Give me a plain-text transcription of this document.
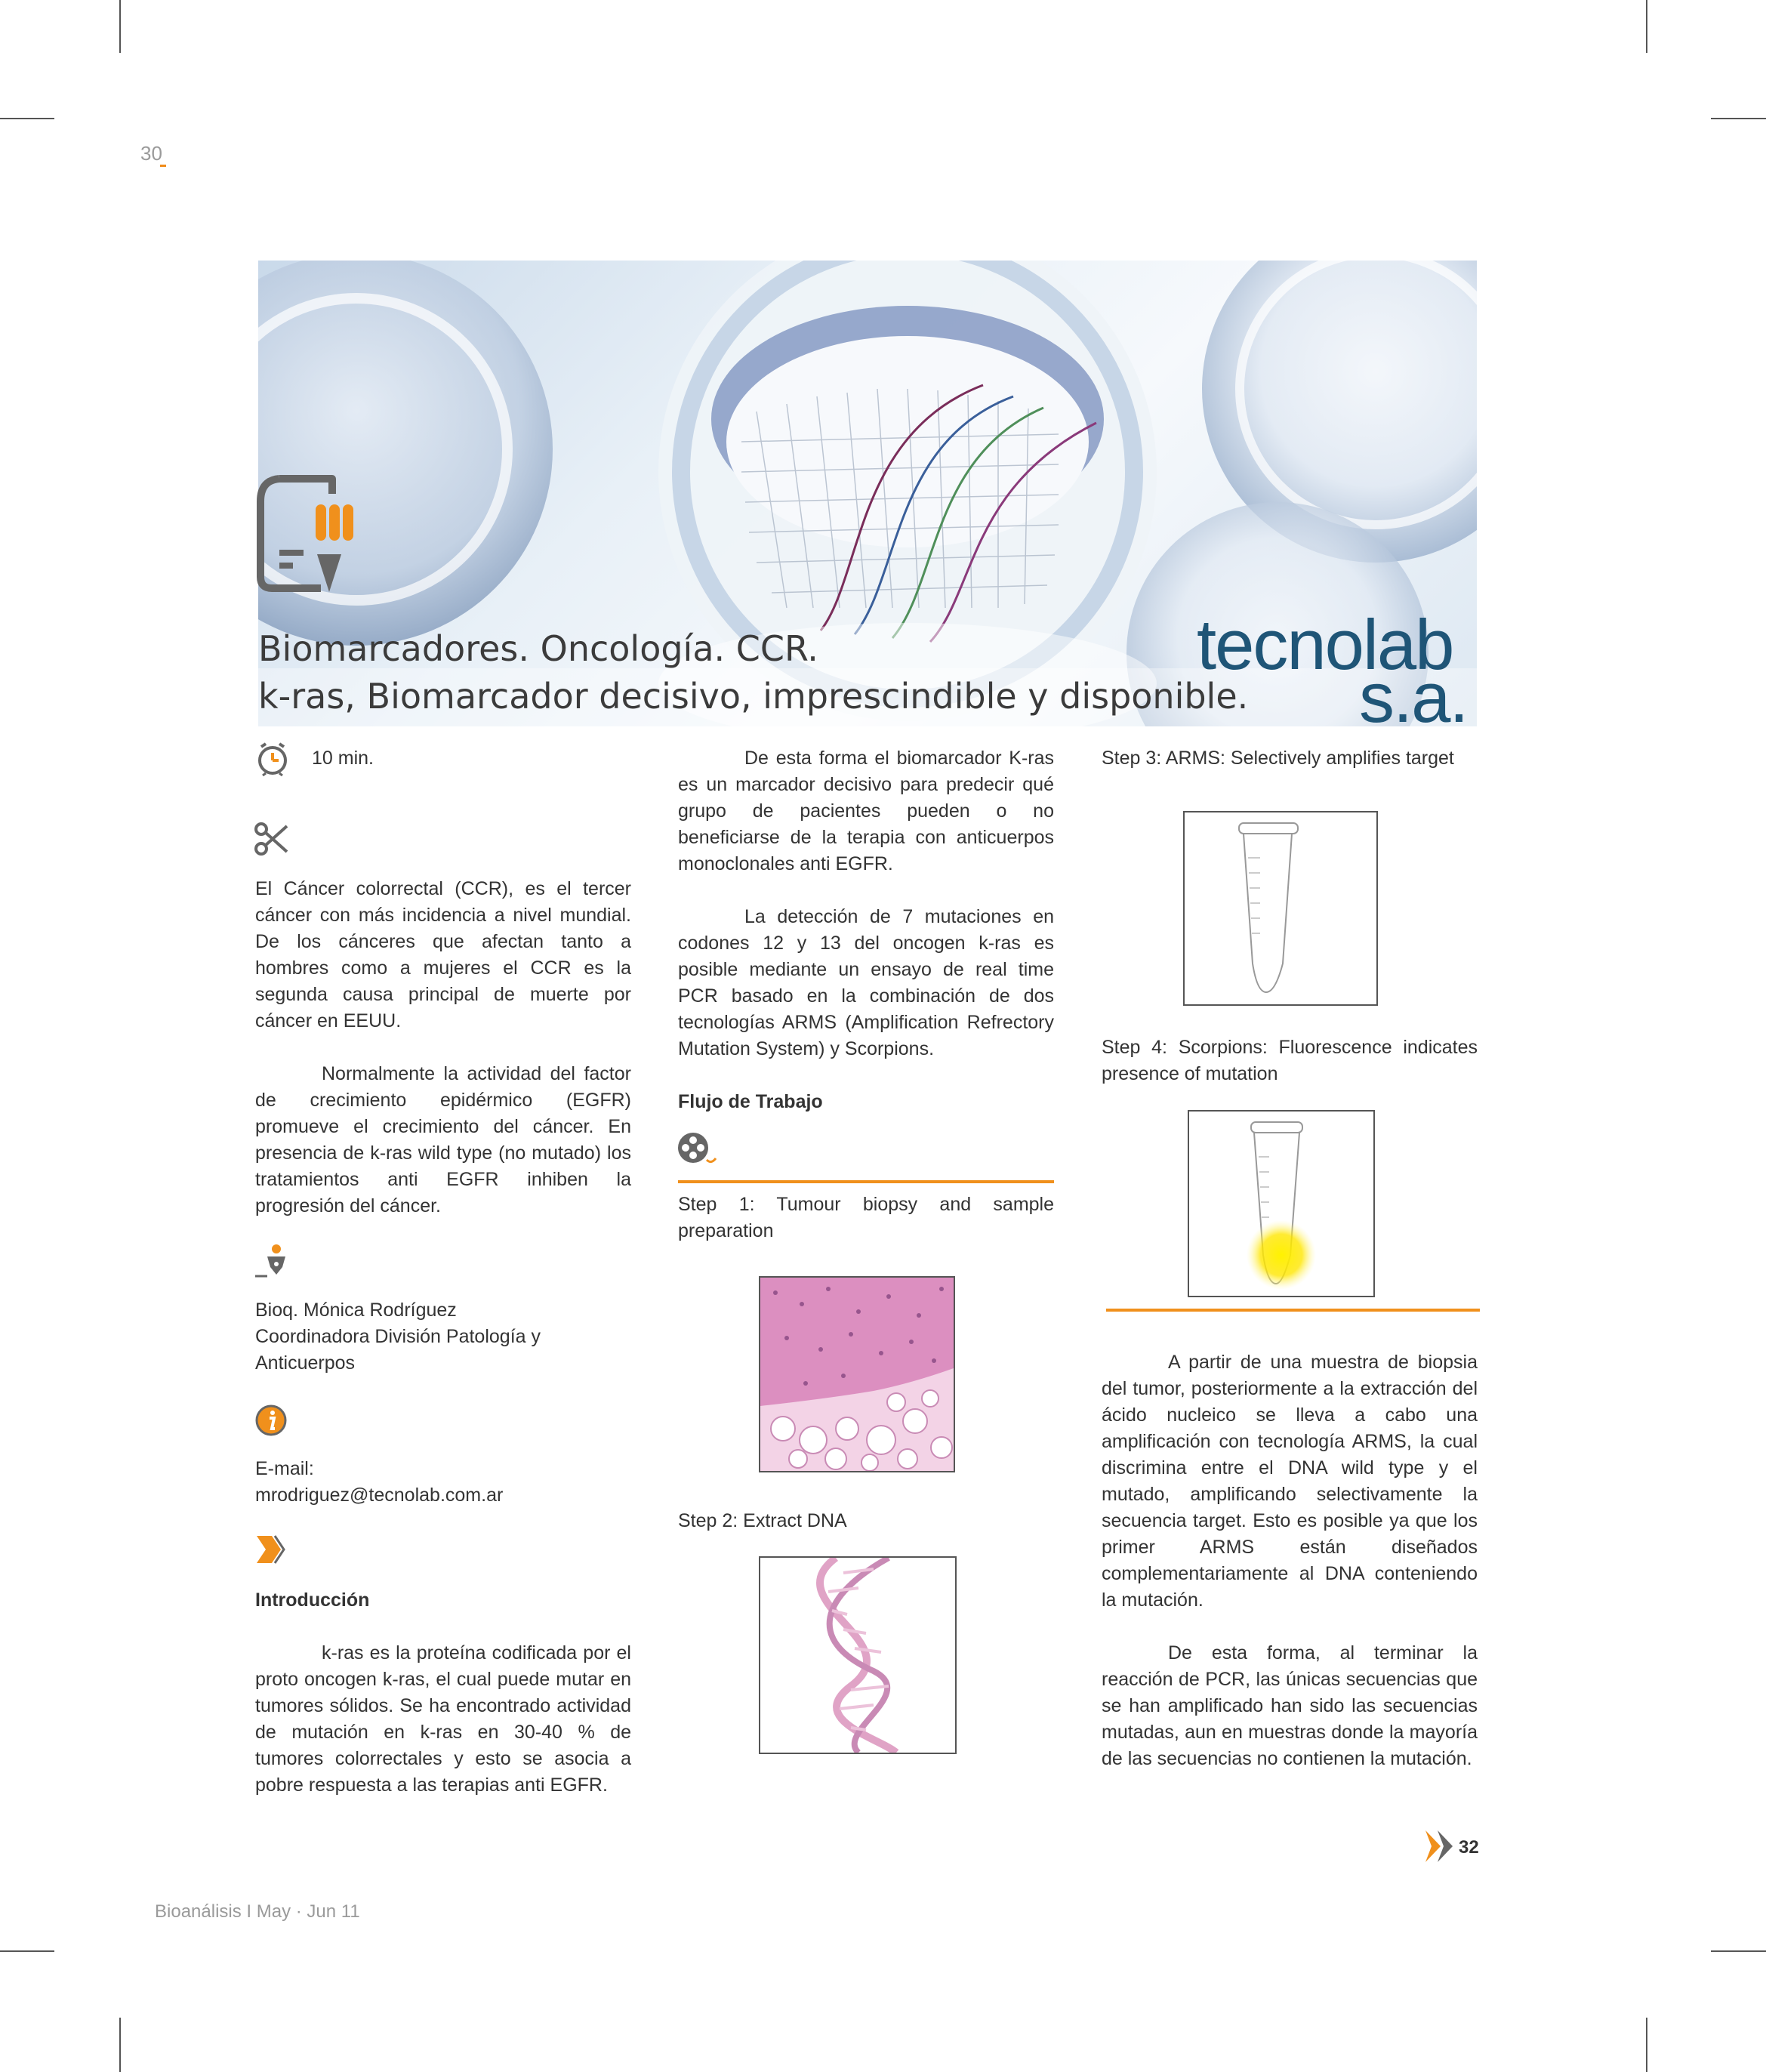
30
Biomarcadores. Oncología. CCR.
k-ras, Biomarcador decisivo, imprescindible y disponible.
tecnolab
s.a.
10 min.

El Cáncer colorrectal (CCR), es el tercer cáncer con más incidencia a nivel mundial. De los cánceres que afectan tanto a hombres como a mujeres el CCR es la segunda causa principal de muerte por cáncer en EEUU.

Normalmente la actividad del factor de crecimiento epidérmico (EGFR) promueve el crecimiento del cáncer. En presencia de k-ras wild type (no mutado) los tratamientos anti EGFR inhiben la progresión del cáncer.

Bioq. Mónica Rodríguez

Coordinadora División Patología y Anticuerpos

E-mail:

mrodriguez@tecnolab.com.ar

Introducción

k-ras es la proteína codificada por el proto oncogen k-ras, el cual puede mutar en tumores sólidos. Se ha encontrado actividad de mutación en k-ras en 30-40 % de tumores colorrectales y esto se asocia a pobre respuesta a las terapias anti EGFR.

De esta forma el biomarcador K-ras es un marcador decisivo para predecir qué grupo de pacientes pueden o no beneficiarse de la terapia con anticuerpos monoclonales anti EGFR.

La detección de 7 mutaciones en codones 12 y 13 del oncogen k-ras es posible mediante un ensayo de real time PCR basado en la combinación de dos tecnologías ARMS (Amplification Refrectory Mutation System) y Scorpions.

Flujo de Trabajo

Step 1: Tumour biopsy and sample preparation

Step 2: Extract DNA

Step 3: ARMS: Selectively amplifies target

Step 4: Scorpions: Fluorescence indicates presence of mutation

A partir de una muestra de biopsia del tumor, posteriormente a la extracción del ácido nucleico se lleva a cabo una amplificación con tecnología ARMS, la cual discrimina entre el DNA wild type y el mutado, amplificando selectivamente la secuencia target. Esto es posible ya que los primer ARMS están diseñados complementariamente al DNA conteniendo la mutación.

De esta forma, al terminar la reacción de PCR, las únicas secuencias que se han amplificado han sido las secuencias mutadas, aun en muestras donde la mayoría de las secuencias no contienen la mutación.

32
Bioanálisis I May · Jun 11
